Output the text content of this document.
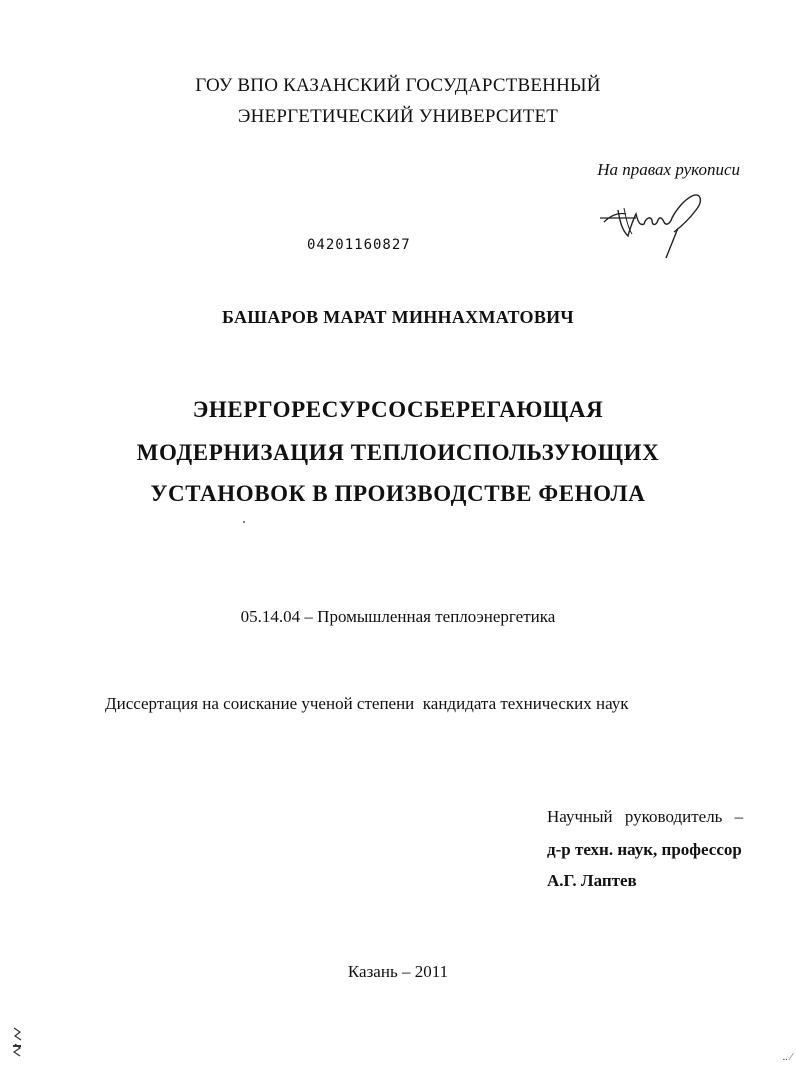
ГОУ ВПО КАЗАНСКИЙ ГОСУДАРСТВЕННЫЙ
ЭНЕРГЕТИЧЕСКИЙ УНИВЕРСИТЕТ
На правах рукописи
04201160827
БАШАРОВ МАРАТ МИННАХМАТОВИЧ
ЭНЕРГОРЕСУРСОСБЕРЕГАЮЩАЯ
МОДЕРНИЗАЦИЯ ТЕПЛОИСПОЛЬЗУЮЩИХ
УСТАНОВОК В ПРОИЗВОДСТВЕ ФЕНОЛА
05.14.04 – Промышленная теплоэнергетика
Диссертация на соискание ученой степени  кандидата технических наук
Научный руководитель –
д-р техн. наук, профессор
А.Г. Лаптев
Казань – 2011
.. ⁄
